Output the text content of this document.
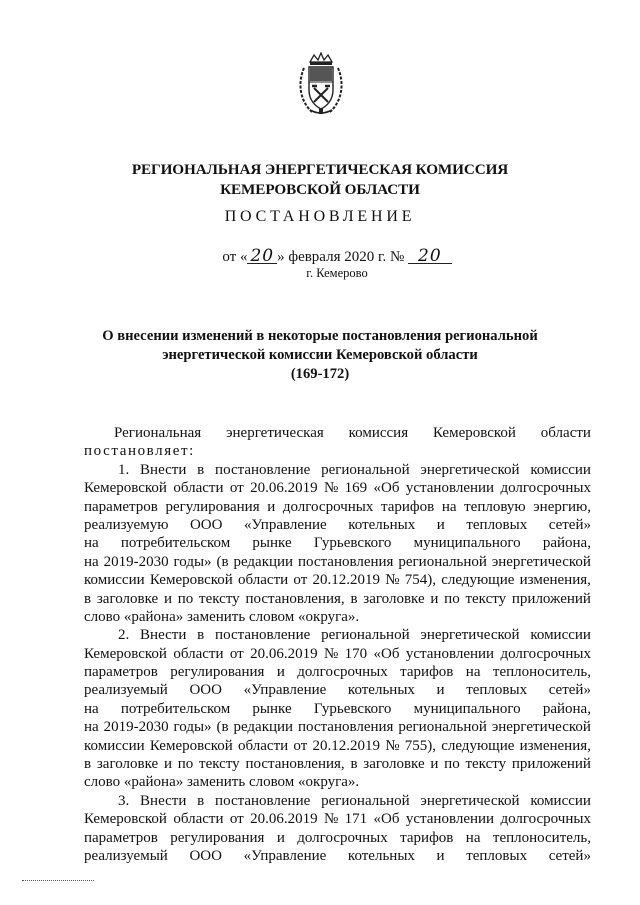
РЕГИОНАЛЬНАЯ ЭНЕРГЕТИЧЕСКАЯ КОМИССИЯ
КЕМЕРОВСКОЙ ОБЛАСТИ
ПОСТАНОВЛЕНИЕ
от « 20 » февраля 2020 г. № 20
г. Кемерово
О внесении изменений в некоторые постановления региональной
энергетической комиссии Кемеровской области
(169-172)
Региональная энергетическая комиссия Кемеровской области
постановляет:
1. Внести в постановление региональной энергетической комиссии
Кемеровской области от 20.06.2019 № 169 «Об установлении долгосрочных
параметров регулирования и долгосрочных тарифов на тепловую энергию,
реализуемую ООО «Управление котельных и тепловых сетей»
на потребительском рынке Гурьевского муниципального района,
на 2019-2030 годы» (в редакции постановления региональной энергетической
комиссии Кемеровской области от 20.12.2019 № 754), следующие изменения,
в заголовке и по тексту постановления, в заголовке и по тексту приложений
слово
«района»
заменить
словом
«округа».
2. Внести в постановление региональной энергетической комиссии
Кемеровской области от 20.06.2019 № 170 «Об установлении долгосрочных
параметров регулирования и долгосрочных тарифов на теплоноситель,
реализуемый ООО «Управление котельных и тепловых сетей»
на потребительском рынке Гурьевского муниципального района,
на 2019-2030 годы» (в редакции постановления региональной энергетической
комиссии Кемеровской области от 20.12.2019 № 755), следующие изменения,
в заголовке и по тексту постановления, в заголовке и по тексту приложений
слово
«района»
заменить
словом
«округа».
3. Внести в постановление региональной энергетической комиссии
Кемеровской области от 20.06.2019 № 171 «Об установлении долгосрочных
параметров регулирования и долгосрочных тарифов на теплоноситель,
реализуемый ООО «Управление котельных и тепловых сетей»
